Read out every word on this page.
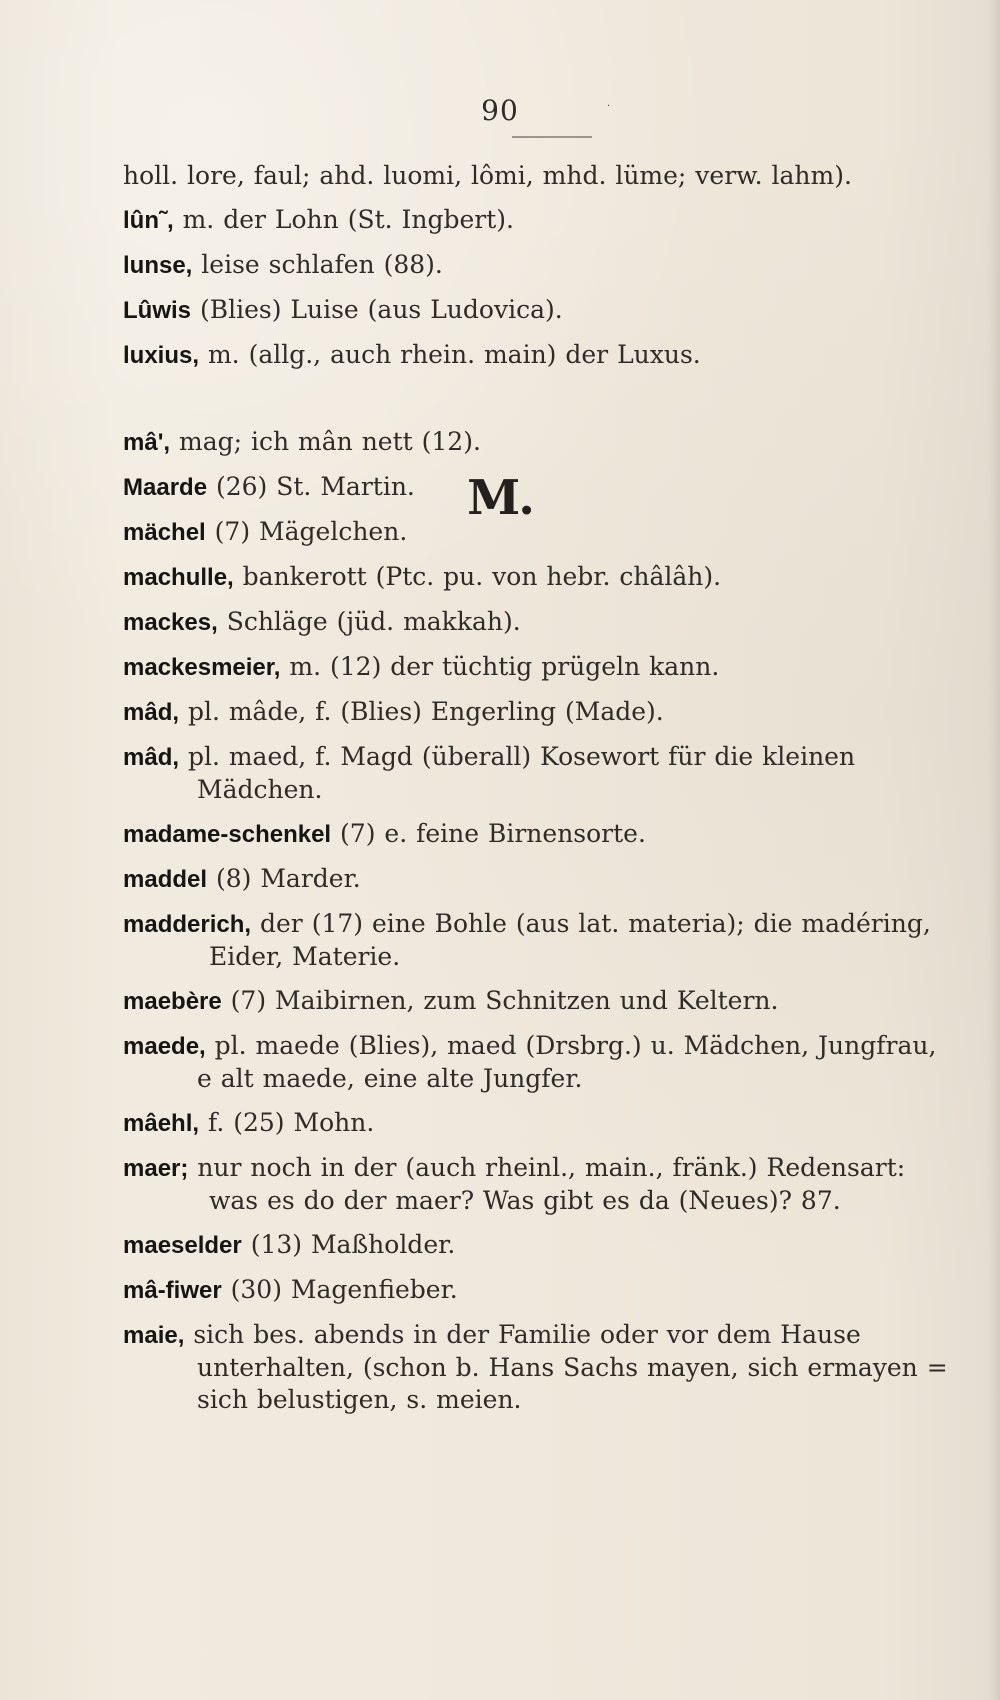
90	·

holl. lore, faul; ahd. luomi, lômi, mhd. lüme; verw. lahm).

lûn˜, m. der Lohn (St. Ingbert).

lunse, leise schlafen (88).

Lûwis (Blies) Luise (aus Ludovica).

luxius, m. (allg., auch rhein. main) der Luxus.

mâ', mag; ich mân nett (12).

Maarde (26) St. Martin.

mächel (7) Mägelchen.

machulle, bankerott (Ptc. pu. von hebr. châlâh).

mackes, Schläge (jüd. makkah).

mackesmeier, m. (12) der tüchtig prügeln kann.

mâd, pl. mâde, f. (Blies) Engerling (Made).

mâd, pl. maed, f. Magd (überall) Kosewort für die kleinen Mädchen.

madame-schenkel (7) e. feine Birnensorte.

maddel (8) Marder.

madderich, der (17) eine Bohle (aus lat. materia); die madéring, Eider, Materie.

maebère (7) Maibirnen, zum Schnitzen und Keltern.

maede, pl. maede (Blies), maed (Drsbrg.) u. Mädchen, Jungfrau, e alt maede, eine alte Jungfer.

mâehl, f. (25) Mohn.

maer; nur noch in der (auch rheinl., main., fränk.) Redensart: was es do der maer? Was gibt es da (Neues)? 87.

maeselder (13) Maßholder.

mâ-fiwer (30) Magenfieber.

maie, sich bes. abends in der Familie oder vor dem Hause unterhalten, (schon b. Hans Sachs mayen, sich ermayen = sich belustigen, s. meien.

M.
